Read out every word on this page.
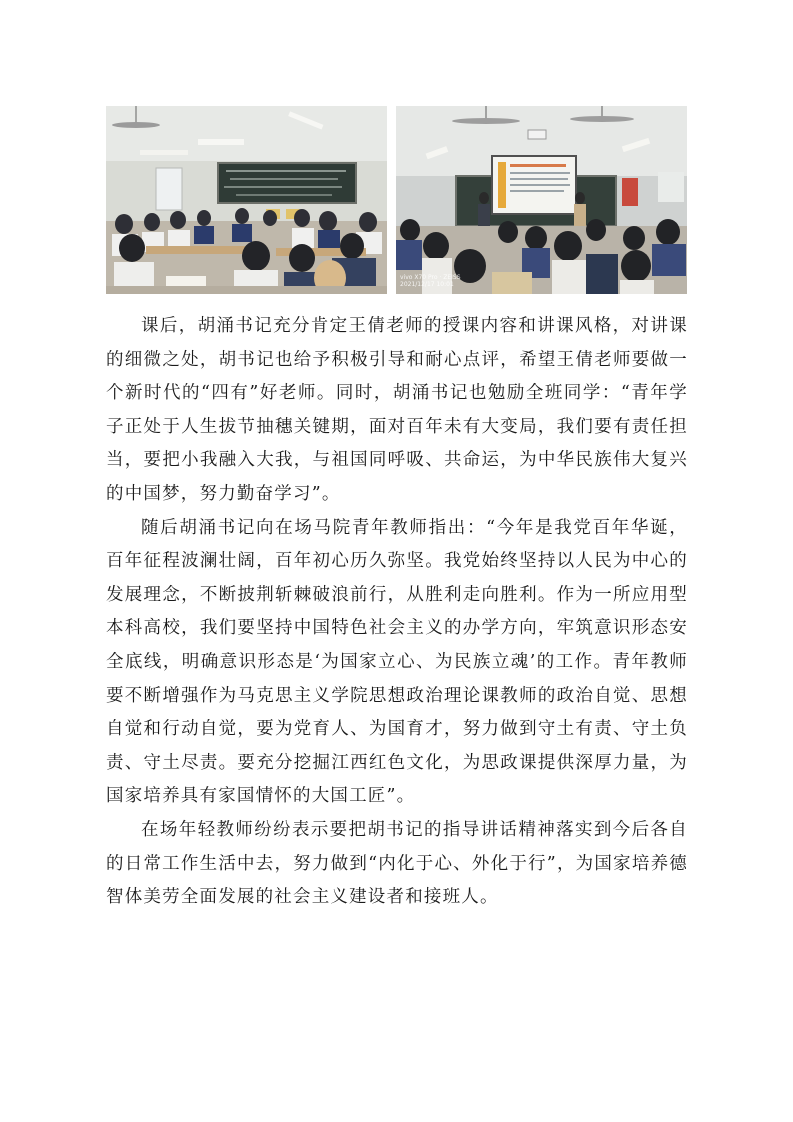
vivo X70 Pro · ZEISS
2021/12/17 10:01

课后，胡涌书记充分肯定王倩老师的授课内容和讲课风格，对讲课的细微之处，胡书记也给予积极引导和耐心点评，希望王倩老师要做一个新时代的“四有”好老师。同时，胡涌书记也勉励全班同学：“青年学子正处于人生拔节抽穗关键期，面对百年未有大变局，我们要有责任担当，要把小我融入大我，与祖国同呼吸、共命运，为中华民族伟大复兴的中国梦，努力勤奋学习”。

随后胡涌书记向在场马院青年教师指出：“今年是我党百年华诞，百年征程波澜壮阔，百年初心历久弥坚。我党始终坚持以人民为中心的发展理念，不断披荆斩棘破浪前行，从胜利走向胜利。作为一所应用型本科高校，我们要坚持中国特色社会主义的办学方向，牢筑意识形态安全底线，明确意识形态是‘为国家立心、为民族立魂’的工作。青年教师要不断增强作为马克思主义学院思想政治理论课教师的政治自觉、思想自觉和行动自觉，要为党育人、为国育才，努力做到守土有责、守土负责、守土尽责。要充分挖掘江西红色文化，为思政课提供深厚力量，为国家培养具有家国情怀的大国工匠”。

在场年轻教师纷纷表示要把胡书记的指导讲话精神落实到今后各自的日常工作生活中去，努力做到“内化于心、外化于行”，为国家培养德智体美劳全面发展的社会主义建设者和接班人。
